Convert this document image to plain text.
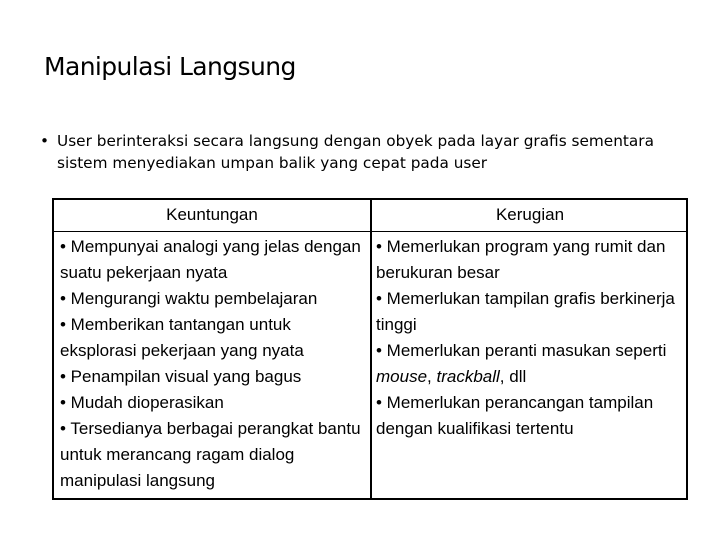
Manipulasi Langsung
• User berinteraksi secara langsung dengan obyek pada layar grafis sementara sistem menyediakan umpan balik yang cepat pada user
Keuntungan	Kerugian
• Mempunyai analogi yang jelas dengan suatu pekerjaan nyata
• Mengurangi waktu pembelajaran
• Memberikan tantangan untuk eksplorasi pekerjaan yang nyata
• Penampilan visual yang bagus
• Mudah dioperasikan
• Tersedianya berbagai perangkat bantu untuk merancang ragam dialog manipulasi langsung
• Memerlukan program yang rumit dan berukuran besar
• Memerlukan tampilan grafis berkinerja tinggi
• Memerlukan peranti masukan seperti mouse, trackball, dll
• Memerlukan perancangan tampilan dengan kualifikasi tertentu
